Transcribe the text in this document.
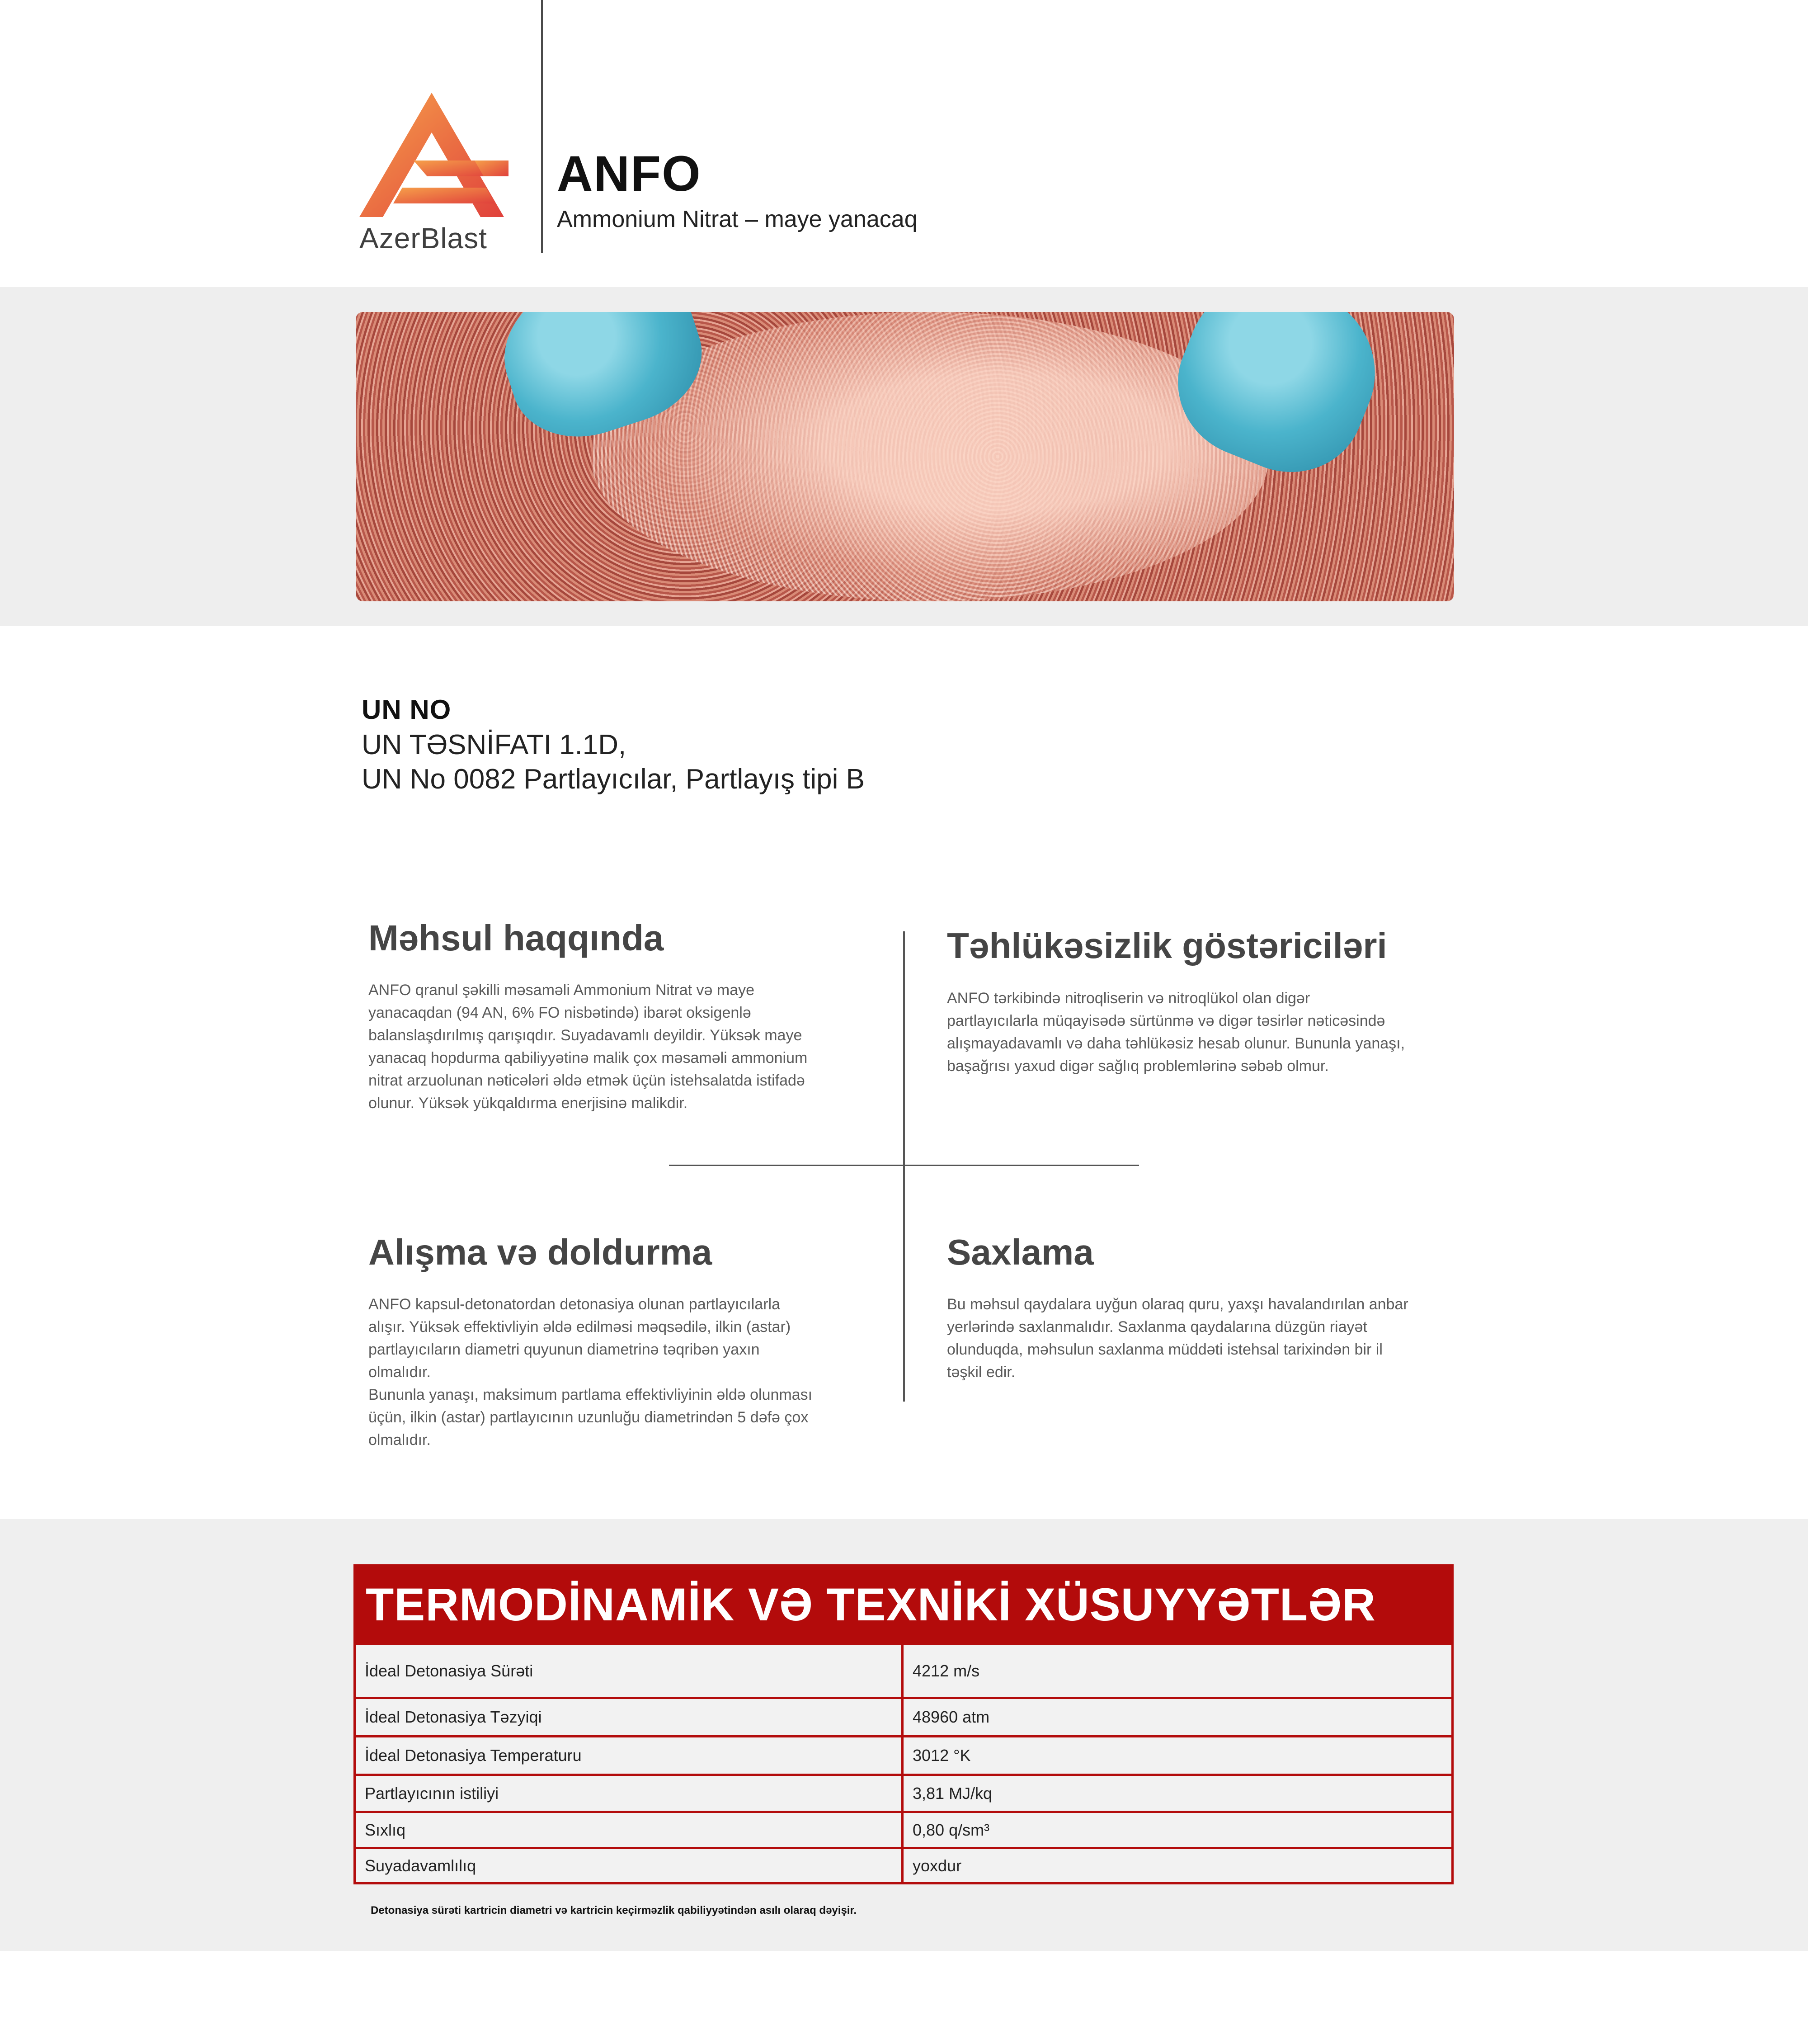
AzerBlast
ANFO
Ammonium Nitrat – maye yanacaq
UN NO
UN TƏSNİFATI 1.1D,
UN No 0082 Partlayıcılar, Partlayış tipi B
Məhsul haqqında
ANFO qranul şəkilli məsaməli Ammonium Nitrat və maye
yanacaqdan (94 AN, 6% FO nisbətində) ibarət oksigenlə
balanslaşdırılmış qarışıqdır. Suyadavamlı deyildir. Yüksək maye
yanacaq hopdurma qabiliyyətinə malik çox məsaməli ammonium
nitrat arzuolunan nəticələri əldə etmək üçün istehsalatda istifadə
olunur. Yüksək yükqaldırma enerjisinə malikdir.
Təhlükəsizlik göstəriciləri
ANFO tərkibində nitroqliserin və nitroqlükol olan digər
partlayıcılarla müqayisədə sürtünmə və digər təsirlər nəticəsində
alışmayadavamlı və daha təhlükəsiz hesab olunur. Bununla yanaşı,
başağrısı yaxud digər sağlıq problemlərinə səbəb olmur.
Alışma və doldurma
ANFO kapsul-detonatordan detonasiya olunan partlayıcılarla
alışır. Yüksək effektivliyin əldə edilməsi məqsədilə, ilkin (astar)
partlayıcıların diametri quyunun diametrinə təqribən yaxın
olmalıdır.
Bununla yanaşı, maksimum partlama effektivliyinin əldə olunması
üçün, ilkin (astar) partlayıcının uzunluğu diametrindən 5 dəfə çox
olmalıdır.
Saxlama
Bu məhsul qaydalara uyğun olaraq quru, yaxşı havalandırılan anbar
yerlərində saxlanmalıdır. Saxlanma qaydalarına düzgün riayət
olunduqda, məhsulun saxlanma müddəti istehsal tarixindən bir il
təşkil edir.
TERMODİNAMİK VƏ TEXNİKİ XÜSUYYƏTLƏR
İdeal Detonasiya Sürəti	4212 m/s
İdeal Detonasiya Təzyiqi	48960 atm
İdeal Detonasiya Temperaturu	3012 °K
Partlayıcının istiliyi	3,81 MJ/kq
Sıxlıq	0,80 q/sm³
Suyadavamlılıq	yoxdur
Detonasiya sürəti kartricin diametri və kartricin keçirməzlik qabiliyyətindən asılı olaraq dəyişir.
